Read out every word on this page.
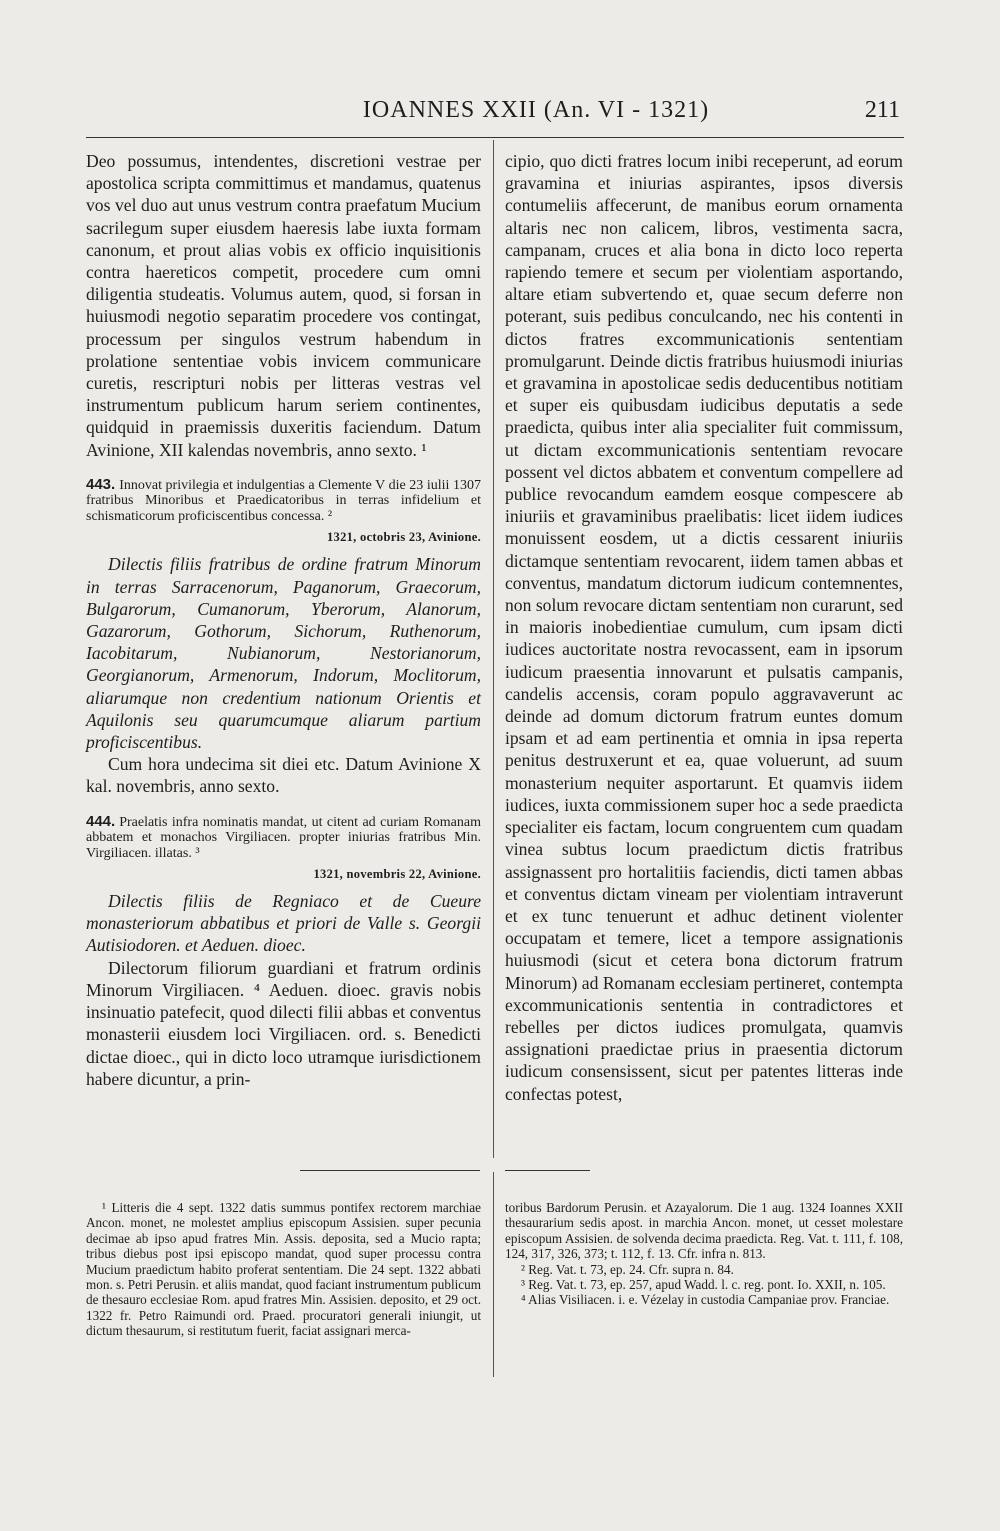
IOANNES XXII (An. VI - 1321)	211

Deo possumus, intendentes, discretioni vestrae per apostolica scripta committimus et mandamus, quatenus vos vel duo aut unus vestrum contra praefatum Mucium sacrilegum super eiusdem haeresis labe iuxta formam canonum, et prout alias vobis ex officio inquisitionis contra haereticos competit, procedere cum omni diligentia studeatis. Volumus autem, quod, si forsan in huiusmodi negotio separatim procedere vos contingat, processum per singulos vestrum habendum in prolatione sententiae vobis invicem communicare curetis, rescripturi nobis per litteras vestras vel instrumentum publicum harum seriem continentes, quidquid in praemissis duxeritis faciendum. Datum Avinione, XII kalendas novembris, anno sexto. ¹

443. Innovat privilegia et indulgentias a Clemente V die 23 iulii 1307 fratribus Minoribus et Praedicatoribus in terras infidelium et schismaticorum proficiscentibus concessa. ²
1321, octobris 23, Avinione.

Dilectis filiis fratribus de ordine fratrum Minorum in terras Sarracenorum, Paganorum, Graecorum, Bulgarorum, Cumanorum, Yberorum, Alanorum, Gazarorum, Gothorum, Sichorum, Ruthenorum, Iacobitarum, Nubianorum, Nestorianorum, Georgianorum, Armenorum, Indorum, Moclitorum, aliarumque non credentium nationum Orientis et Aquilonis seu quarumcumque aliarum partium proficiscentibus.

Cum hora undecima sit diei etc. Datum Avinione X kal. novembris, anno sexto.

444. Praelatis infra nominatis mandat, ut citent ad curiam Romanam abbatem et monachos Virgiliacen. propter iniurias fratribus Min. Virgiliacen. illatas. ³
1321, novembris 22, Avinione.

Dilectis filiis de Regniaco et de Cueure monasteriorum abbatibus et priori de Valle s. Georgii Autisiodoren. et Aeduen. dioec.

Dilectorum filiorum guardiani et fratrum ordinis Minorum Virgiliacen. ⁴ Aeduen. dioec. gravis nobis insinuatio patefecit, quod dilecti filii abbas et conventus monasterii eiusdem loci Virgiliacen. ord. s. Benedicti dictae dioec., qui in dicto loco utramque iurisdictionem habere dicuntur, a prin-

cipio, quo dicti fratres locum inibi receperunt, ad eorum gravamina et iniurias aspirantes, ipsos diversis contumeliis affecerunt, de manibus eorum ornamenta altaris nec non calicem, libros, vestimenta sacra, campanam, cruces et alia bona in dicto loco reperta rapiendo temere et secum per violentiam asportando, altare etiam subvertendo et, quae secum deferre non poterant, suis pedibus conculcando, nec his contenti in dictos fratres excommunicationis sententiam promulgarunt. Deinde dictis fratribus huiusmodi iniurias et gravamina in apostolicae sedis deducentibus notitiam et super eis quibusdam iudicibus deputatis a sede praedicta, quibus inter alia specialiter fuit commissum, ut dictam excommunicationis sententiam revocare possent vel dictos abbatem et conventum compellere ad publice revocandum eamdem eosque compescere ab iniuriis et gravaminibus praelibatis: licet iidem iudices monuissent eosdem, ut a dictis cessarent iniuriis dictamque sententiam revocarent, iidem tamen abbas et conventus, mandatum dictorum iudicum contemnentes, non solum revocare dictam sententiam non curarunt, sed in maioris inobedientiae cumulum, cum ipsam dicti iudices auctoritate nostra revocassent, eam in ipsorum iudicum praesentia innovarunt et pulsatis campanis, candelis accensis, coram populo aggravaverunt ac deinde ad domum dictorum fratrum euntes domum ipsam et ad eam pertinentia et omnia in ipsa reperta penitus destruxerunt et ea, quae voluerunt, ad suum monasterium nequiter asportarunt. Et quamvis iidem iudices, iuxta commissionem super hoc a sede praedicta specialiter eis factam, locum congruentem cum quadam vinea subtus locum praedictum dictis fratribus assignassent pro hortalitiis faciendis, dicti tamen abbas et conventus dictam vineam per violentiam intraverunt et ex tunc tenuerunt et adhuc detinent violenter occupatam et temere, licet a tempore assignationis huiusmodi (sicut et cetera bona dictorum fratrum Minorum) ad Romanam ecclesiam pertineret, contempta excommunicationis sententia in contradictores et rebelles per dictos iudices promulgata, quamvis assignationi praedictae prius in praesentia dictorum iudicum consensissent, sicut per patentes litteras inde confectas potest,

¹ Litteris die 4 sept. 1322 datis summus pontifex rectorem marchiae Ancon. monet, ne molestet amplius episcopum Assisien. super pecunia decimae ab ipso apud fratres Min. Assis. deposita, sed a Mucio rapta; tribus diebus post ipsi episcopo mandat, quod super processu contra Mucium praedictum habito proferat sententiam. Die 24 sept. 1322 abbati mon. s. Petri Perusin. et aliis mandat, quod faciant instrumentum publicum de thesauro ecclesiae Rom. apud fratres Min. Assisien. deposito, et 29 oct. 1322 fr. Petro Raimundi ord. Praed. procuratori generali iniungit, ut dictum thesaurum, si restitutum fuerit, faciat assignari merca-

toribus Bardorum Perusin. et Azayalorum. Die 1 aug. 1324 Ioannes XXII thesaurarium sedis apost. in marchia Ancon. monet, ut cesset molestare episcopum Assisien. de solvenda decima praedicta. Reg. Vat. t. 111, f. 108, 124, 317, 326, 373; t. 112, f. 13. Cfr. infra n. 813.

² Reg. Vat. t. 73, ep. 24. Cfr. supra n. 84.

³ Reg. Vat. t. 73, ep. 257, apud Wadd. l. c. reg. pont. Io. XXII, n. 105.

⁴ Alias Visiliacen. i. e. Vézelay in custodia Campaniae prov. Franciae.
